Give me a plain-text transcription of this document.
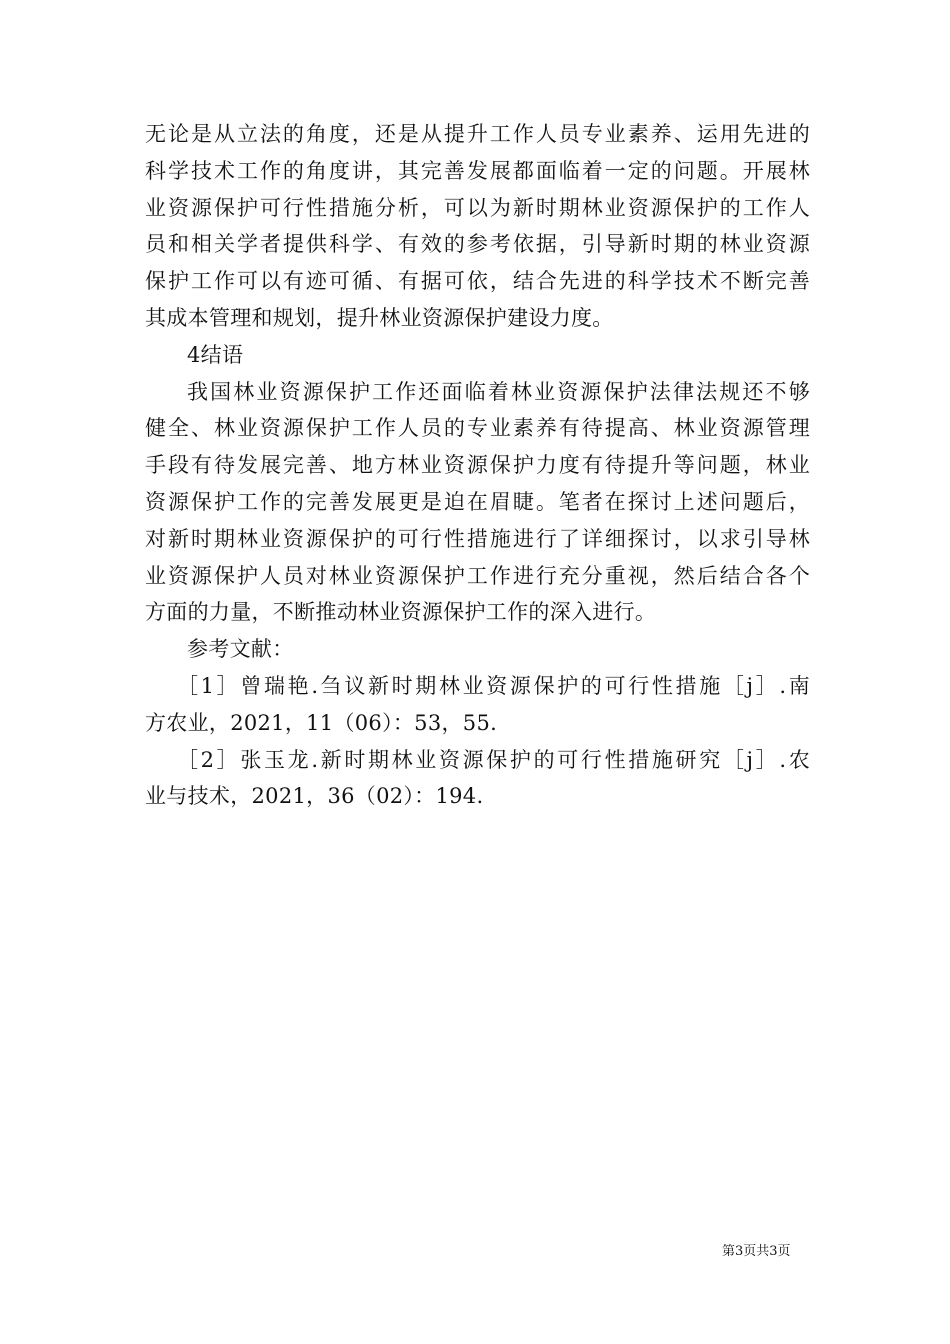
无论是从立法的角度，还是从提升工作人员专业素养、运用先进的
科学技术工作的角度讲，其完善发展都面临着一定的问题。开展林
业资源保护可行性措施分析，可以为新时期林业资源保护的工作人
员和相关学者提供科学、有效的参考依据，引导新时期的林业资源
保护工作可以有迹可循、有据可依，结合先进的科学技术不断完善
其成本管理和规划，提升林业资源保护建设力度。
4结语
我国林业资源保护工作还面临着林业资源保护法律法规还不够
健全、林业资源保护工作人员的专业素养有待提高、林业资源管理
手段有待发展完善、地方林业资源保护力度有待提升等问题，林业
资源保护工作的完善发展更是迫在眉睫。笔者在探讨上述问题后，
对新时期林业资源保护的可行性措施进行了详细探讨，以求引导林
业资源保护人员对林业资源保护工作进行充分重视，然后结合各个
方面的力量，不断推动林业资源保护工作的深入进行。
参考文献：
［1］曾瑞艳.刍议新时期林业资源保护的可行性措施［j］.南
方农业，2021，11（06）：53，55.
［2］张玉龙.新时期林业资源保护的可行性措施研究［j］.农
业与技术，2021，36（02）：194.
第3页共3页
